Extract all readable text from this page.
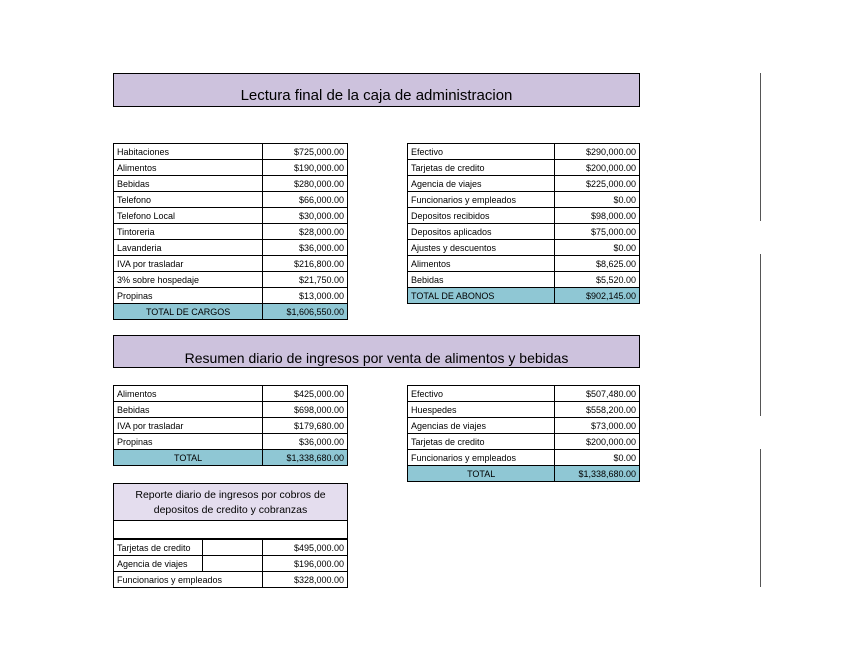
Lectura final de la caja de administracion
Habitaciones	$725,000.00
Alimentos	$190,000.00
Bebidas	$280,000.00
Telefono	$66,000.00
Telefono Local	$30,000.00
Tintoreria	$28,000.00
Lavanderia	$36,000.00
IVA por trasladar	$216,800.00
3% sobre hospedaje	$21,750.00
Propinas	$13,000.00
TOTAL DE CARGOS	$1,606,550.00
Efectivo	$290,000.00
Tarjetas de credito	$200,000.00
Agencia de viajes	$225,000.00
Funcionarios y empleados	$0.00
Depositos recibidos	$98,000.00
Depositos aplicados	$75,000.00
Ajustes y descuentos	$0.00
Alimentos	$8,625.00
Bebidas	$5,520.00
TOTAL DE ABONOS	$902,145.00
Resumen diario de ingresos por venta de alimentos y bebidas
Alimentos	$425,000.00
Bebidas	$698,000.00
IVA por trasladar	$179,680.00
Propinas	$36,000.00
TOTAL	$1,338,680.00
Efectivo	$507,480.00
Huespedes	$558,200.00
Agencias de viajes	$73,000.00
Tarjetas de credito	$200,000.00
Funcionarios y empleados	$0.00
TOTAL	$1,338,680.00
Reporte diario de ingresos por cobros de
depositos de credito y cobranzas
Tarjetas de credito		$495,000.00
Agencia de viajes		$196,000.00
Funcionarios y empleados		$328,000.00
